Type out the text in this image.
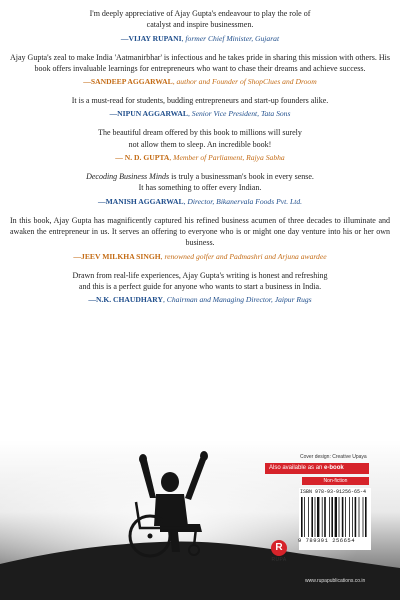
I'm deeply appreciative of Ajay Gupta's endeavour to play the role of
catalyst and inspire businessmen.
—VIJAY RUPANI, former Chief Minister, Gujarat
Ajay Gupta's zeal to make India 'Aatmanirbhar' is infectious and he takes pride in sharing this mission with others. His book offers invaluable learnings for entrepreneurs who want to chase their dreams and achieve success.
—SANDEEP AGGARWAL, author and Founder of ShopClues and Droom
It is a must-read for students, budding entrepreneurs and start-up founders alike.
—NIPUN AGGARWAL, Senior Vice President, Tata Sons
The beautiful dream offered by this book to millions will surely
not allow them to sleep. An incredible book!
— N. D. GUPTA, Member of Parliament, Rajya Sabha
Decoding Business Minds is truly a businessman's book in every sense.
It has something to offer every Indian.
—MANISH AGGARWAL, Director, Bikanervala Foods Pvt. Ltd.
In this book, Ajay Gupta has magnificently captured his refined business acumen of three decades to illuminate and awaken the entrepreneur in us. It serves an offering to everyone who is or might one day venture into his or her own business.
—JEEV MILKHA SINGH, renowned golfer and Padmashri and Arjuna awardee
Drawn from real-life experiences, Ajay Gupta's writing is honest and refreshing
and this is a perfect guide for anyone who wants to start a business in India.
—N.K. CHAUDHARY, Chairman and Managing Director, Jaipur Rugs
Cover design: Creative Upaya
Also available as an e-book
Non-fiction
ISBN 978-93-91256-65-4
9 789391 256654
R
RUPA
www.rupapublications.co.in
